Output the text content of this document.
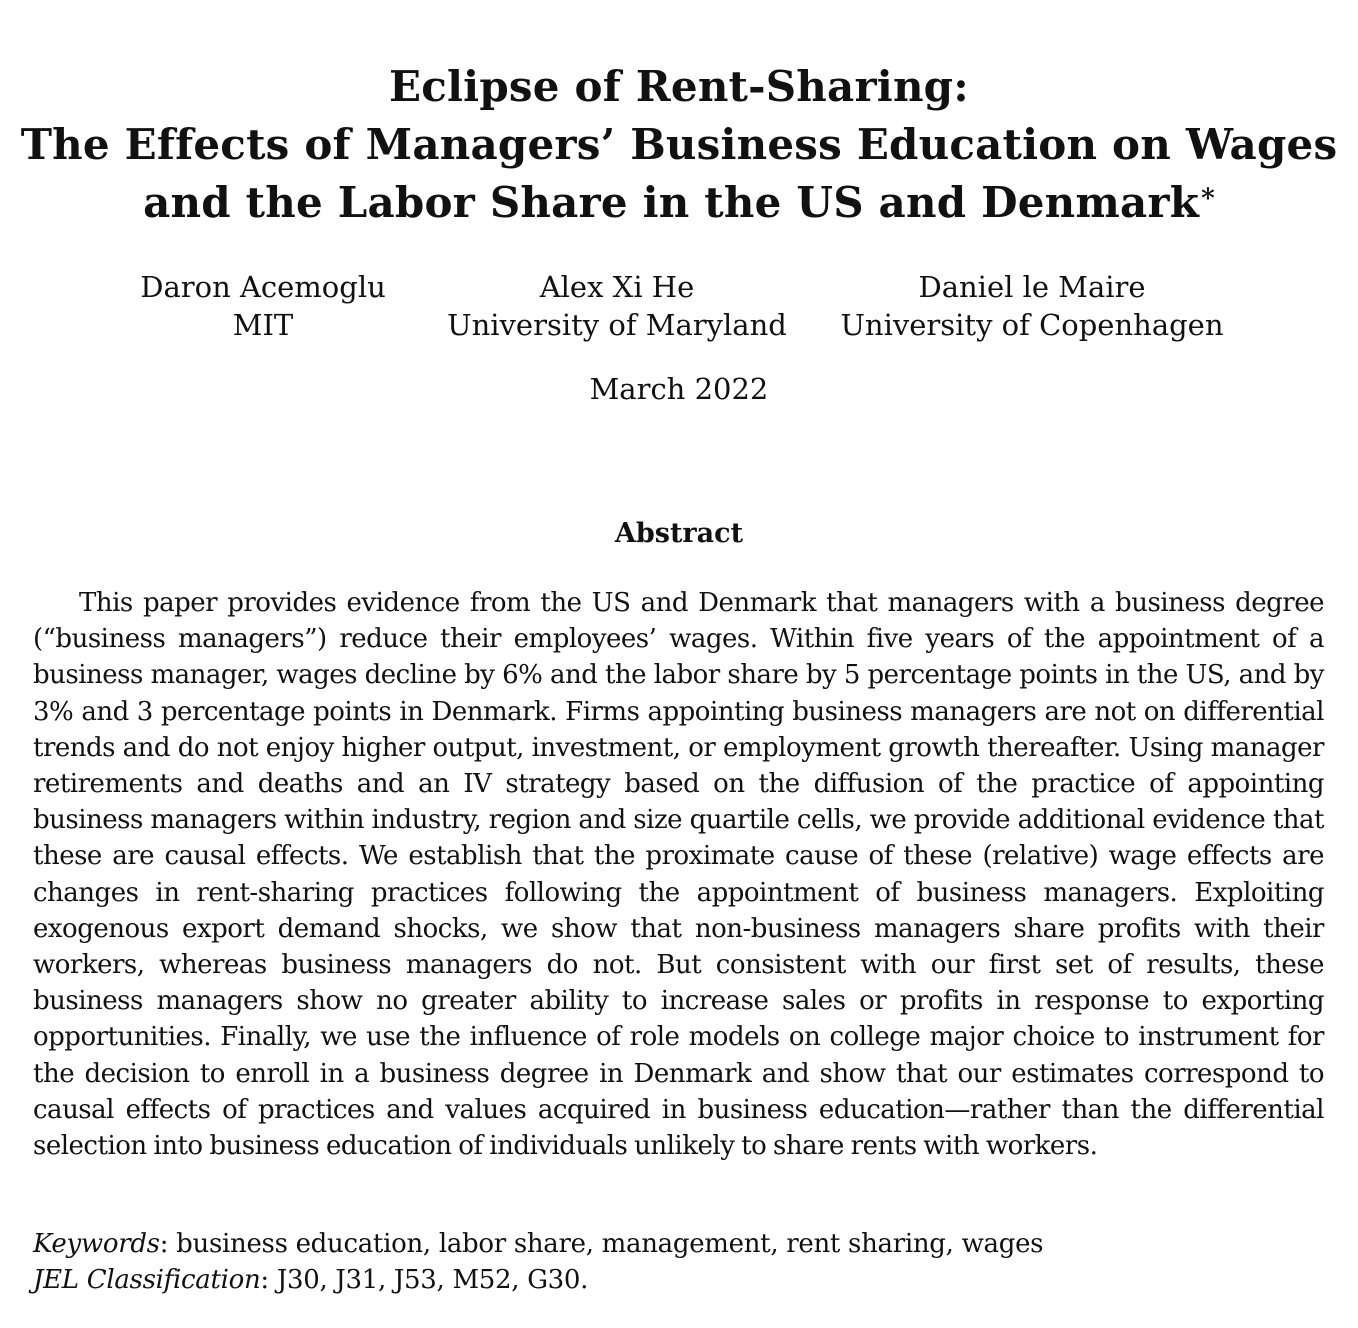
Eclipse of Rent-Sharing:
The Effects of Managers’ Business Education on Wages
and the Labor Share in the US and Denmark*
Daron Acemoglu
MIT
Alex Xi He
University of Maryland
Daniel le Maire
University of Copenhagen
March 2022
Abstract
This paper provides evidence from the US and Denmark that managers with a business degree (“business managers”) reduce their employees’ wages. Within five years of the appointment of a business manager, wages decline by 6% and the labor share by 5 percentage points in the US, and by 3% and 3 percentage points in Denmark. Firms appointing business managers are not on differential trends and do not enjoy higher output, investment, or employment growth thereafter. Using manager retirements and deaths and an IV strategy based on the diffusion of the practice of appointing business managers within industry, region and size quartile cells, we provide additional evidence that these are causal effects. We establish that the proximate cause of these (relative) wage effects are changes in rent-sharing practices following the appointment of business managers. Exploiting exogenous export demand shocks, we show that non-business managers share profits with their workers, whereas business managers do not. But consistent with our first set of results, these business managers show no greater ability to increase sales or profits in response to exporting opportunities. Finally, we use the influence of role models on college major choice to instrument for the decision to enroll in a business degree in Denmark and show that our estimates correspond to causal effects of practices and values acquired in business education—rather than the differential selection into business education of individuals unlikely to share rents with workers.
Keywords: business education, labor share, management, rent sharing, wages
JEL Classification: J30, J31, J53, M52, G30.
